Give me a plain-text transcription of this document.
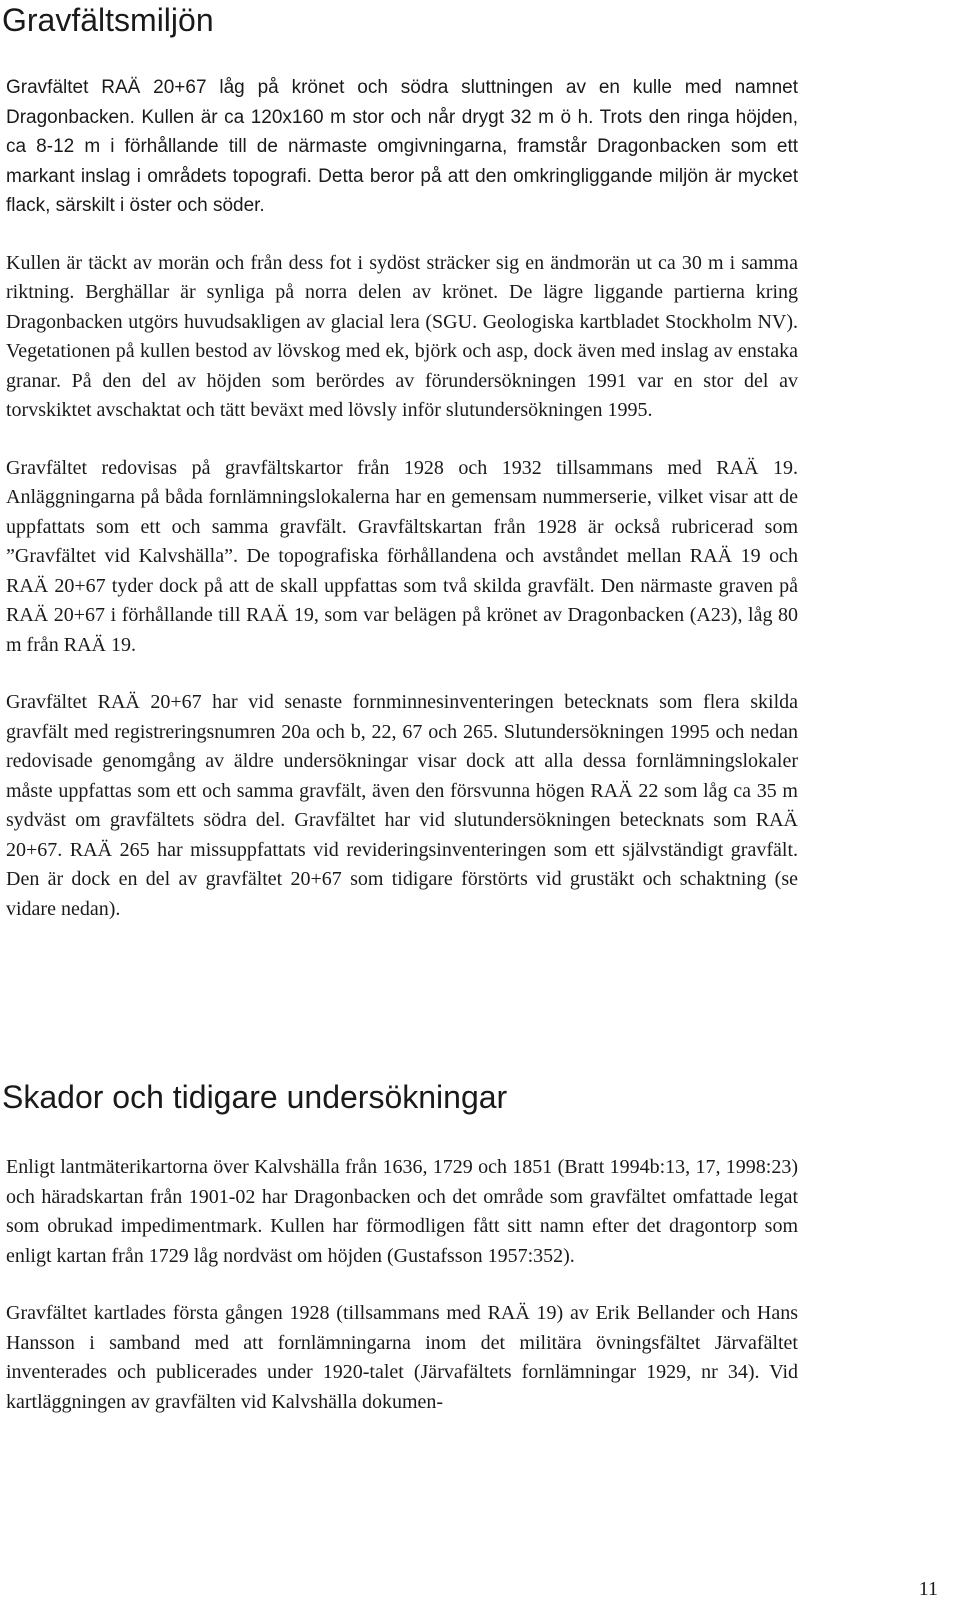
Gravfältsmiljön

Gravfältet RAÄ 20+67 låg på krönet och södra sluttningen av en kulle med namnet Dragonbacken. Kullen är ca 120x160 m stor och når drygt 32 m ö h. Trots den ringa höjden, ca 8-12 m i förhållande till de närmaste omgivningarna, framstår Dragonbacken som ett markant inslag i områdets topografi. Detta beror på att den omkringliggande miljön är mycket flack, särskilt i öster och söder.

Kullen är täckt av morän och från dess fot i sydöst sträcker sig en ändmorän ut ca 30 m i samma riktning. Berghällar är synliga på norra delen av krönet. De lägre liggande partierna kring Dragonbacken utgörs huvudsakligen av glacial lera (SGU. Geologiska kartbladet Stockholm NV). Vegetationen på kullen bestod av lövskog med ek, björk och asp, dock även med inslag av enstaka granar. På den del av höjden som berördes av förundersökningen 1991 var en stor del av torvskiktet avschaktat och tätt beväxt med lövsly inför slutundersökningen 1995.

Gravfältet redovisas på gravfältskartor från 1928 och 1932 tillsammans med RAÄ 19. Anläggningarna på båda fornlämningslokalerna har en gemensam nummerserie, vilket visar att de uppfattats som ett och samma gravfält. Gravfältskartan från 1928 är också rubricerad som ”Gravfältet vid Kalvshälla”. De topografiska förhållandena och avståndet mellan RAÄ 19 och RAÄ 20+67 tyder dock på att de skall uppfattas som två skilda gravfält. Den närmaste graven på RAÄ 20+67 i förhållande till RAÄ 19, som var belägen på krönet av Dragonbacken (A23), låg 80 m från RAÄ 19.

Gravfältet RAÄ 20+67 har vid senaste fornminnesinventeringen betecknats som flera skilda gravfält med registreringsnumren 20a och b, 22, 67 och 265. Slutundersökningen 1995 och nedan redovisade genomgång av äldre undersökningar visar dock att alla dessa fornlämningslokaler måste uppfattas som ett och samma gravfält, även den försvunna högen RAÄ 22 som låg ca 35 m sydväst om gravfältets södra del. Gravfältet har vid slutundersökningen betecknats som RAÄ 20+67. RAÄ 265 har missuppfattats vid revideringsinventeringen som ett självständigt gravfält. Den är dock en del av gravfältet 20+67 som tidigare förstörts vid grustäkt och schaktning (se vidare nedan).

Skador och tidigare undersökningar

Enligt lantmäterikartorna över Kalvshälla från 1636, 1729 och 1851 (Bratt 1994b:13, 17, 1998:23) och häradskartan från 1901-02 har Dragonbacken och det område som gravfältet omfattade legat som obrukad impedimentmark. Kullen har förmodligen fått sitt namn efter det dragontorp som enligt kartan från 1729 låg nordväst om höjden (Gustafsson 1957:352).

Gravfältet kartlades första gången 1928 (tillsammans med RAÄ 19) av Erik Bellander och Hans Hansson i samband med att fornlämningarna inom det militära övningsfältet Järvafältet inventerades och publicerades under 1920-talet (Järvafältets fornlämningar 1929, nr 34). Vid kartläggningen av gravfälten vid Kalvshälla dokumen-

11
